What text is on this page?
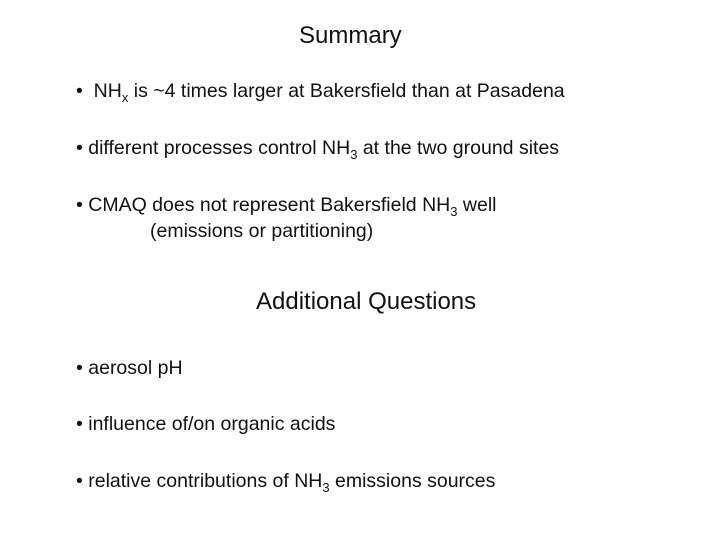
Summary
• $NH_x$ is ~4 times larger at Bakersfield than at Pasadena
• different processes control $NH_3$ at the two ground sites
• CMAQ does not represent Bakersfield $NH_3$ well
(emissions or partitioning)
Additional Questions
• aerosol pH
• influence of/on organic acids
• relative contributions of $NH_3$ emissions sources
